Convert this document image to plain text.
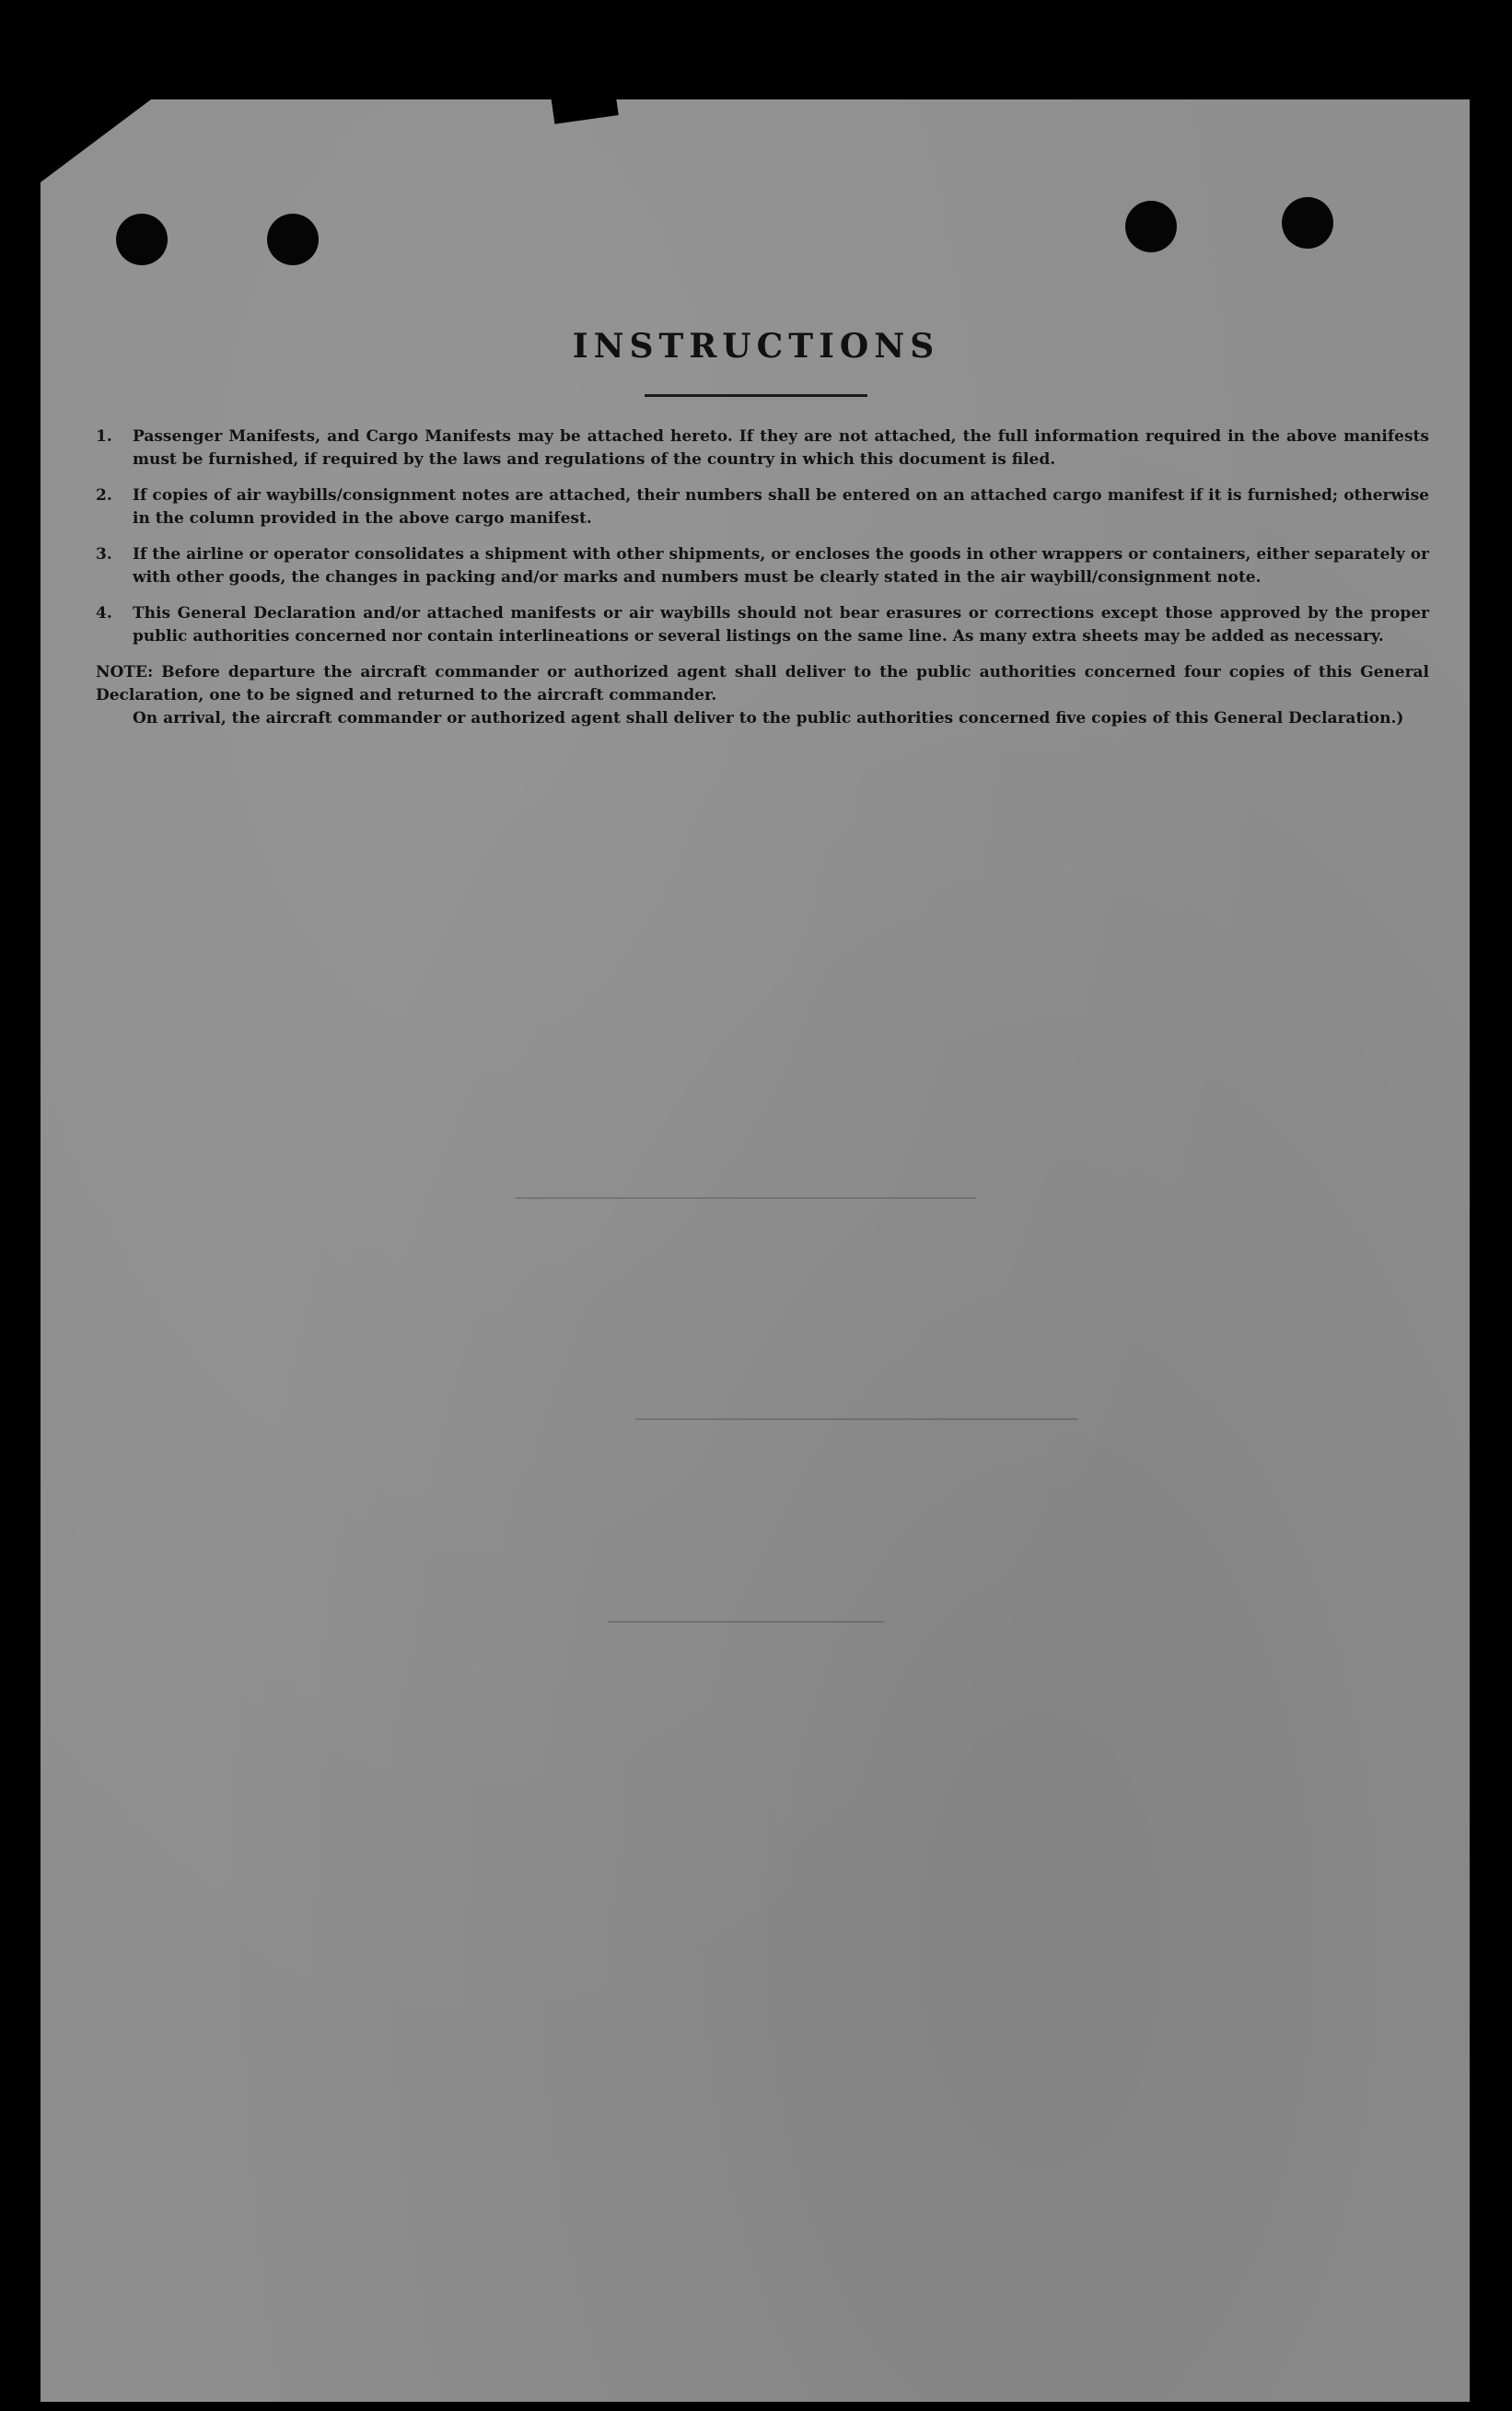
INSTRUCTIONS
1.	Passenger Manifests, and Cargo Manifests may be attached hereto. If they are not attached, the full information required in the above manifests must be furnished, if required by the laws and regulations of the country in which this document is filed.
2.	If copies of air waybills/consignment notes are attached, their numbers shall be entered on an attached cargo manifest if it is furnished; otherwise in the column provided in the above cargo manifest.
3.	If the airline or operator consolidates a shipment with other shipments, or encloses the goods in other wrappers or containers, either separately or with other goods, the changes in packing and/or marks and numbers must be clearly stated in the air waybill/consignment note.
4.	This General Declaration and/or attached manifests or air waybills should not bear erasures or corrections except those approved by the proper public authorities concerned nor contain interlineations or several listings on the same line. As many extra sheets may be added as necessary.
NOTE: Before departure the aircraft commander or authorized agent shall deliver to the public authorities concerned four copies of this General Declaration, one to be signed and returned to the aircraft commander.
On arrival, the aircraft commander or authorized agent shall deliver to the public authorities concerned five copies of this General Declaration.)
